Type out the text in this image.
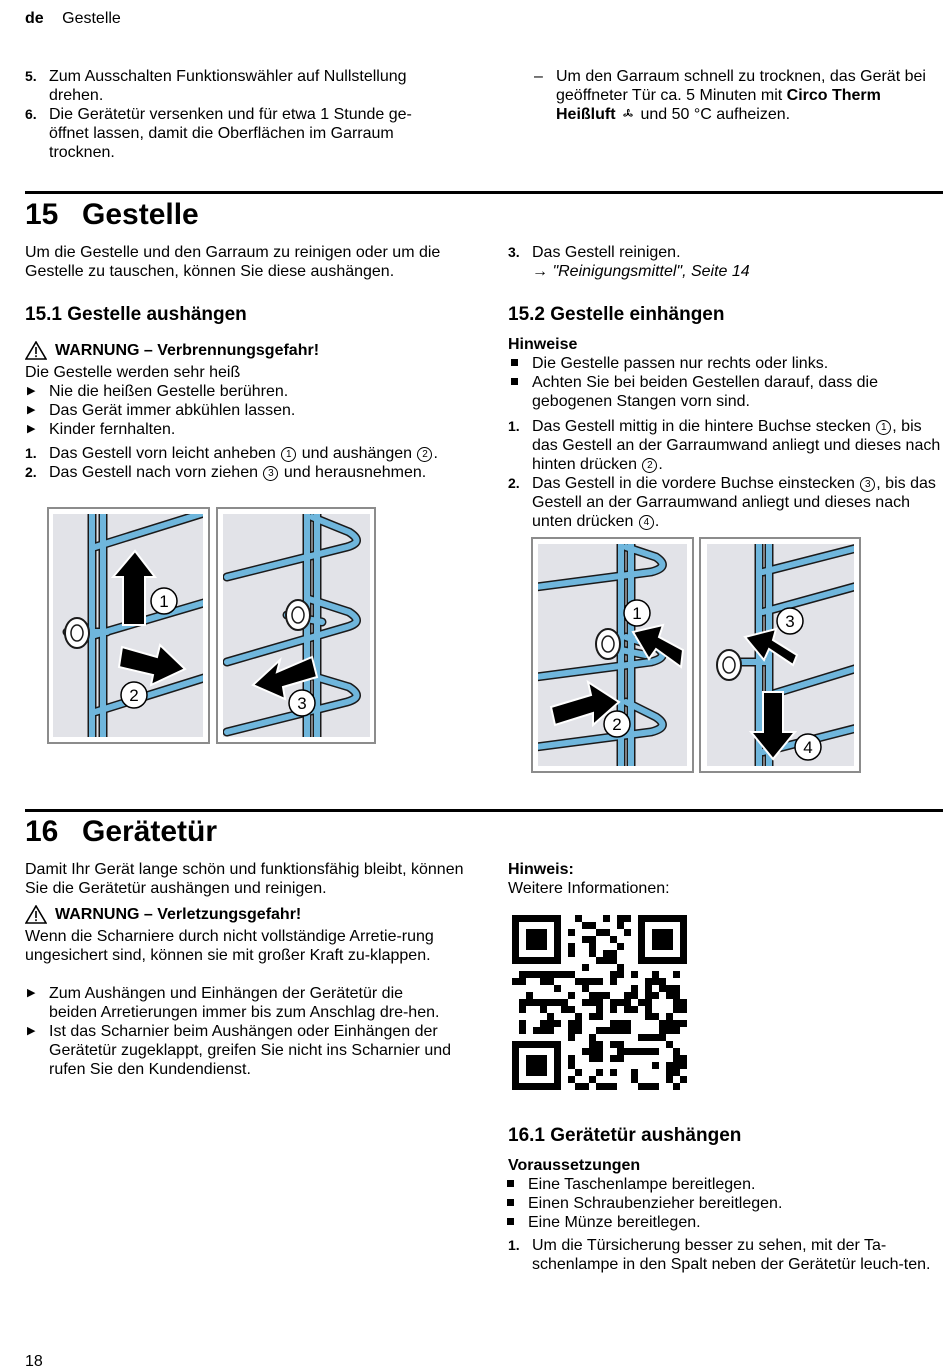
de Gestelle
5. Zum Ausschalten Funktionswähler auf Nullstellung drehen.
6. Die Gerätetür versenken und für etwa 1 Stunde ge-öffnet lassen, damit die Oberflächen im Garraum trocknen.
– Um den Garraum schnell zu trocknen, das Gerät bei geöffneter Tür ca. 5 Minuten mit Circo Therm Heißluft  und 50 °C aufheizen.
15 Gestelle

Um die Gestelle und den Garraum zu reinigen oder um die Gestelle zu tauschen, können Sie diese aushängen.

15.1 Gestelle aushängen
WARNUNG – Verbrennungsgefahr!

Die Gestelle werden sehr heiß

▶ Nie die heißen Gestelle berühren.
▶ Das Gerät immer abkühlen lassen.
▶ Kinder fernhalten.
1. Das Gestell vorn leicht anheben 1 und aushängen 2 .
2. Das Gestell nach vorn ziehen 3 und herausnehmen.
1
2	3
3. Das Gestell reinigen.
→ "Reinigungsmittel", Seite 14
15.2 Gestelle einhängen
Hinweise
Die Gestelle passen nur rechts oder links.
Achten Sie bei beiden Gestellen darauf, dass die gebogenen Stangen vorn sind.
1. Das Gestell mittig in die hintere Buchse stecken 1 , bis das Gestell an der Garraumwand anliegt und dieses nach hinten drücken 2 .
2. Das Gestell in die vordere Buchse einstecken 3 , bis das Gestell an der Garraumwand anliegt und dieses nach unten drücken 4 .
1
2
3
4
16 Gerätetür

Damit Ihr Gerät lange schön und funktionsfähig bleibt, können Sie die Gerätetür aushängen und reinigen.

WARNUNG – Verletzungsgefahr!

Wenn die Scharniere durch nicht vollständige Arretie-rung ungesichert sind, können sie mit großer Kraft zu-klappen.

▶ Zum Aushängen und Einhängen der Gerätetür die beiden Arretierungen immer bis zum Anschlag dre-hen.
▶ Ist das Scharnier beim Aushängen oder Einhängen der Gerätetür zugeklappt, greifen Sie nicht ins Scharnier und rufen Sie den Kundendienst.
Hinweis:
Weitere Informationen:
16.1 Gerätetür aushängen
Voraussetzungen
Eine Taschenlampe bereitlegen.
Einen Schraubenzieher bereitlegen.
Eine Münze bereitlegen.
1. Um die Türsicherung besser zu sehen, mit der Ta-schenlampe in den Spalt neben der Gerätetür leuch-ten.
18
